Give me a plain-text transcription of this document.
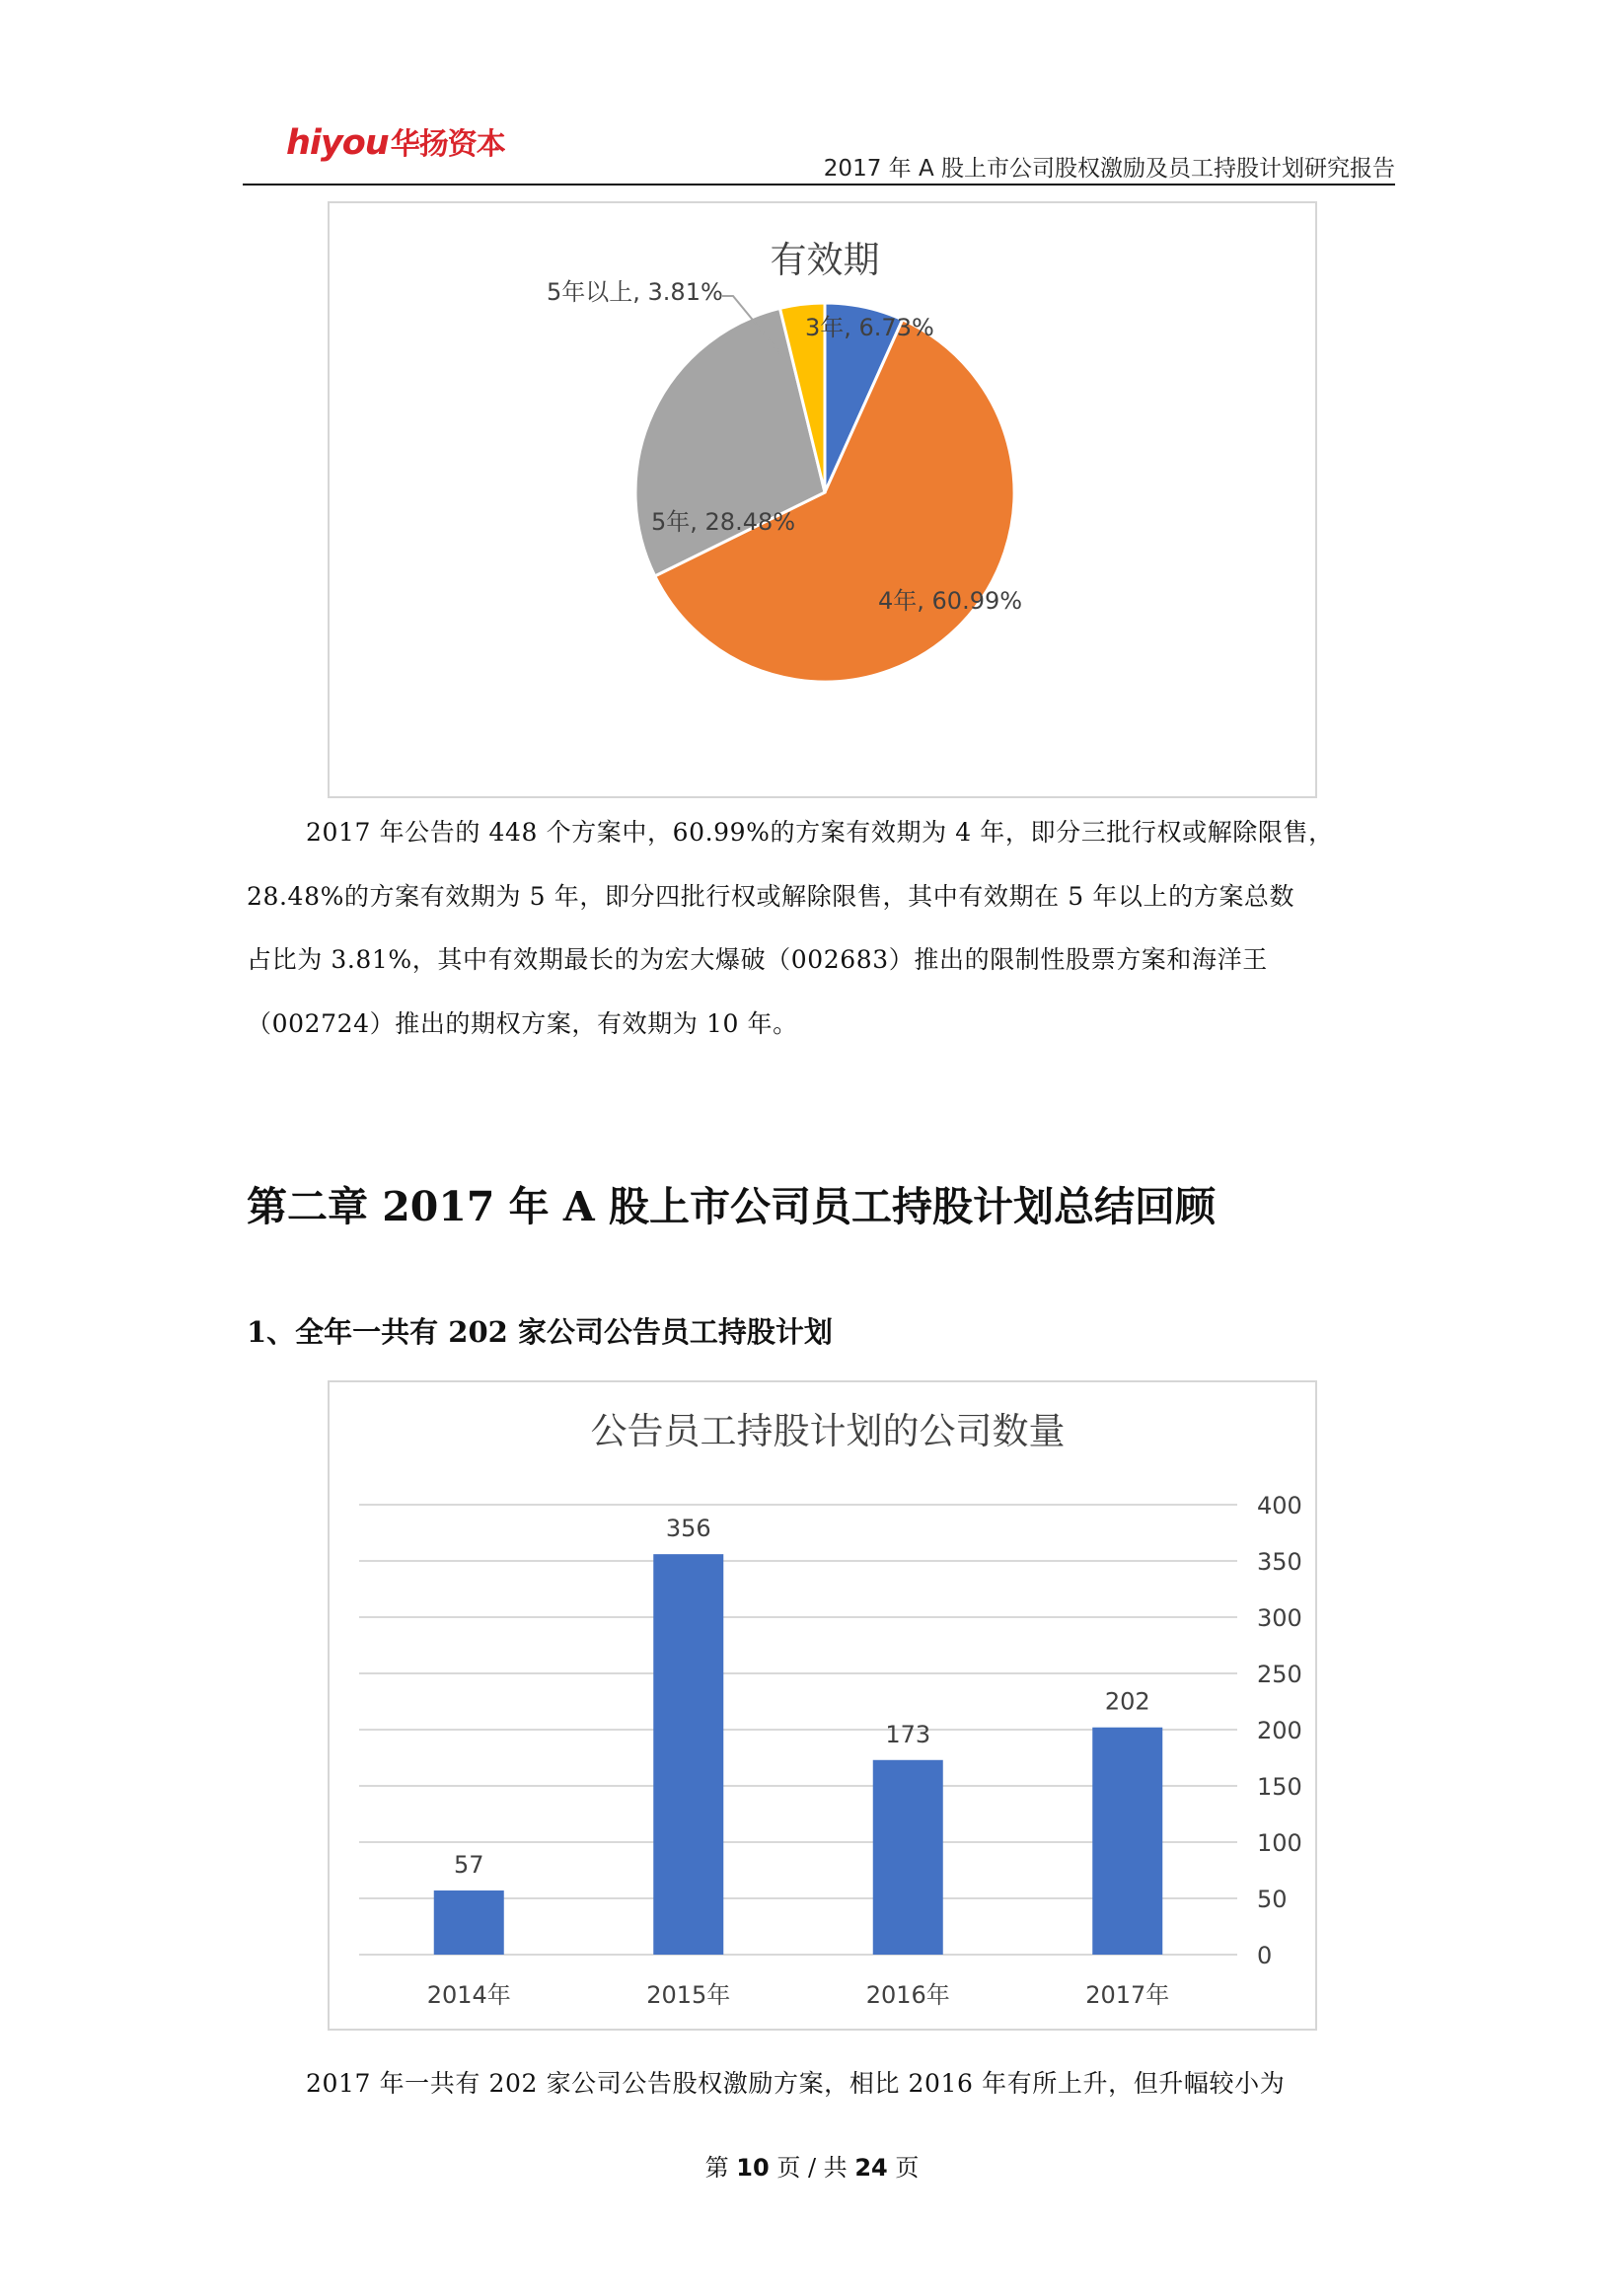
hiyou华扬资本
2017 年 A 股上市公司股权激励及员工持股计划研究报告
有效期
3年, 6.73%
4年, 60.99%
5年, 28.48%
5年以上, 3.81%
2017 年公告的 448 个方案中，60.99%的方案有效期为 4 年，即分三批行权或解除限售，
28.48%的方案有效期为 5 年，即分四批行权或解除限售，其中有效期在 5 年以上的方案总数
占比为 3.81%，其中有效期最长的为宏大爆破（002683）推出的限制性股票方案和海洋王
（002724）推出的期权方案，有效期为 10 年。
第二章 2017 年 A 股上市公司员工持股计划总结回顾
1、全年一共有 202 家公司公告员工持股计划
公告员工持股计划的公司数量
0
50
100
150
200
250
300
350
400
57
2014年
356
2015年
173
2016年
202
2017年
2017 年一共有 202 家公司公告股权激励方案，相比 2016 年有所上升，但升幅较小为
第 10 页 / 共 24 页
